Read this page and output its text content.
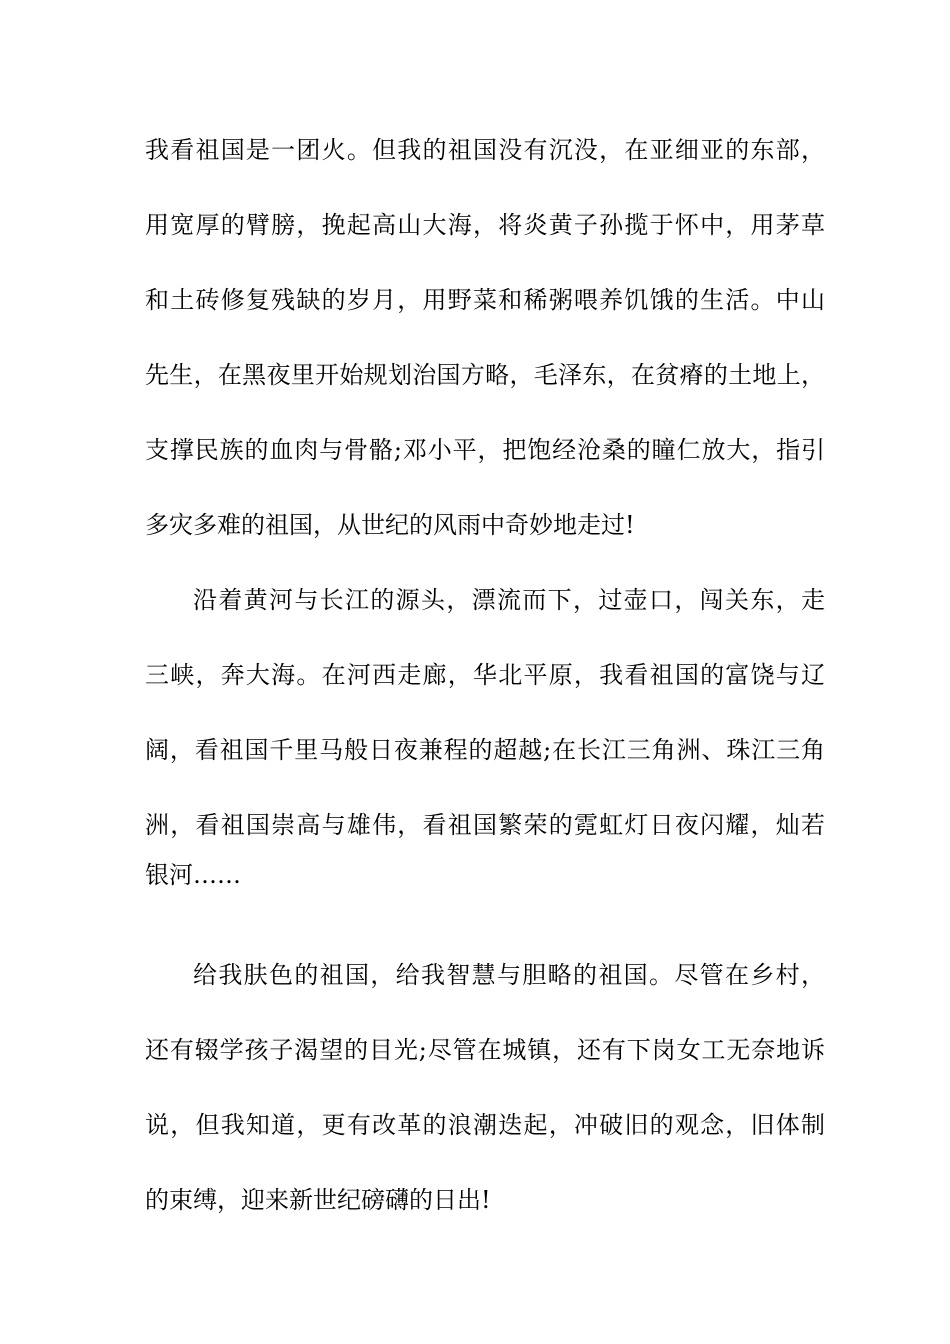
我看祖国是一团火。但我的祖国没有沉没，在亚细亚的东部，
用宽厚的臂膀，挽起高山大海，将炎黄子孙揽于怀中，用茅草
和土砖修复残缺的岁月，用野菜和稀粥喂养饥饿的生活。中山
先生，在黑夜里开始规划治国方略，毛泽东，在贫瘠的土地上，
支撑民族的血肉与骨骼;邓小平，把饱经沧桑的瞳仁放大，指引
多灾多难的祖国，从世纪的风雨中奇妙地走过!
沿着黄河与长江的源头，漂流而下，过壶口，闯关东，走
三峡，奔大海。在河西走廊，华北平原，我看祖国的富饶与辽
阔，看祖国千里马般日夜兼程的超越;在长江三角洲、珠江三角
洲，看祖国崇高与雄伟，看祖国繁荣的霓虹灯日夜闪耀，灿若
银河……
给我肤色的祖国，给我智慧与胆略的祖国。尽管在乡村，
还有辍学孩子渴望的目光;尽管在城镇，还有下岗女工无奈地诉
说，但我知道，更有改革的浪潮迭起，冲破旧的观念，旧体制
的束缚，迎来新世纪磅礴的日出!
